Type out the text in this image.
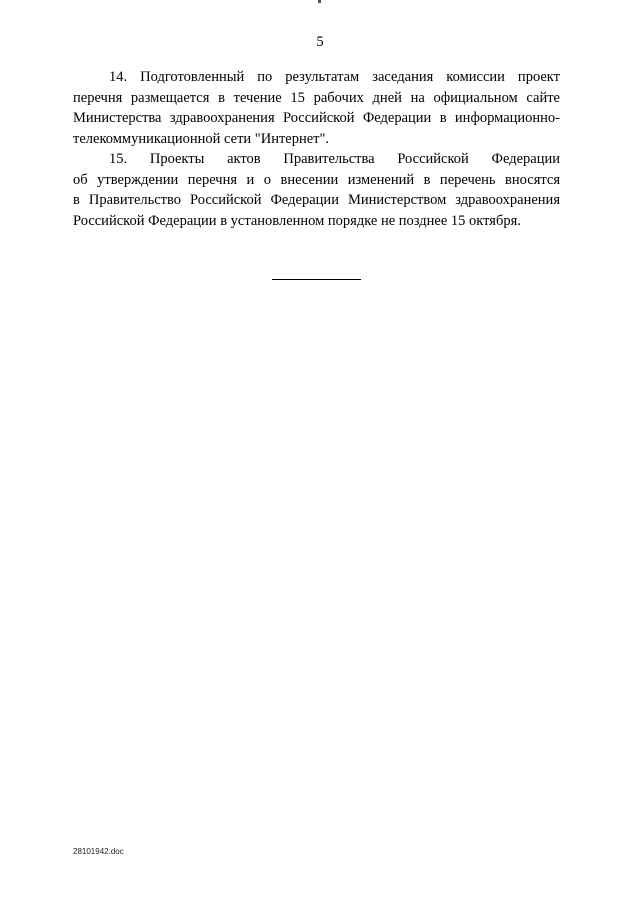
5

14. Подготовленный по результатам заседания комиссии проект
перечня размещается в течение 15 рабочих дней на официальном сайте
Министерства здравоохранения Российской Федерации в информационно-
телекоммуникационной сети "Интернет".

15. Проекты актов Правительства Российской Федерации
об утверждении перечня и о внесении изменений в перечень вносятся
в Правительство Российской Федерации Министерством здравоохранения
Российской Федерации в установленном порядке не позднее 15 октября.

28101942.doc
